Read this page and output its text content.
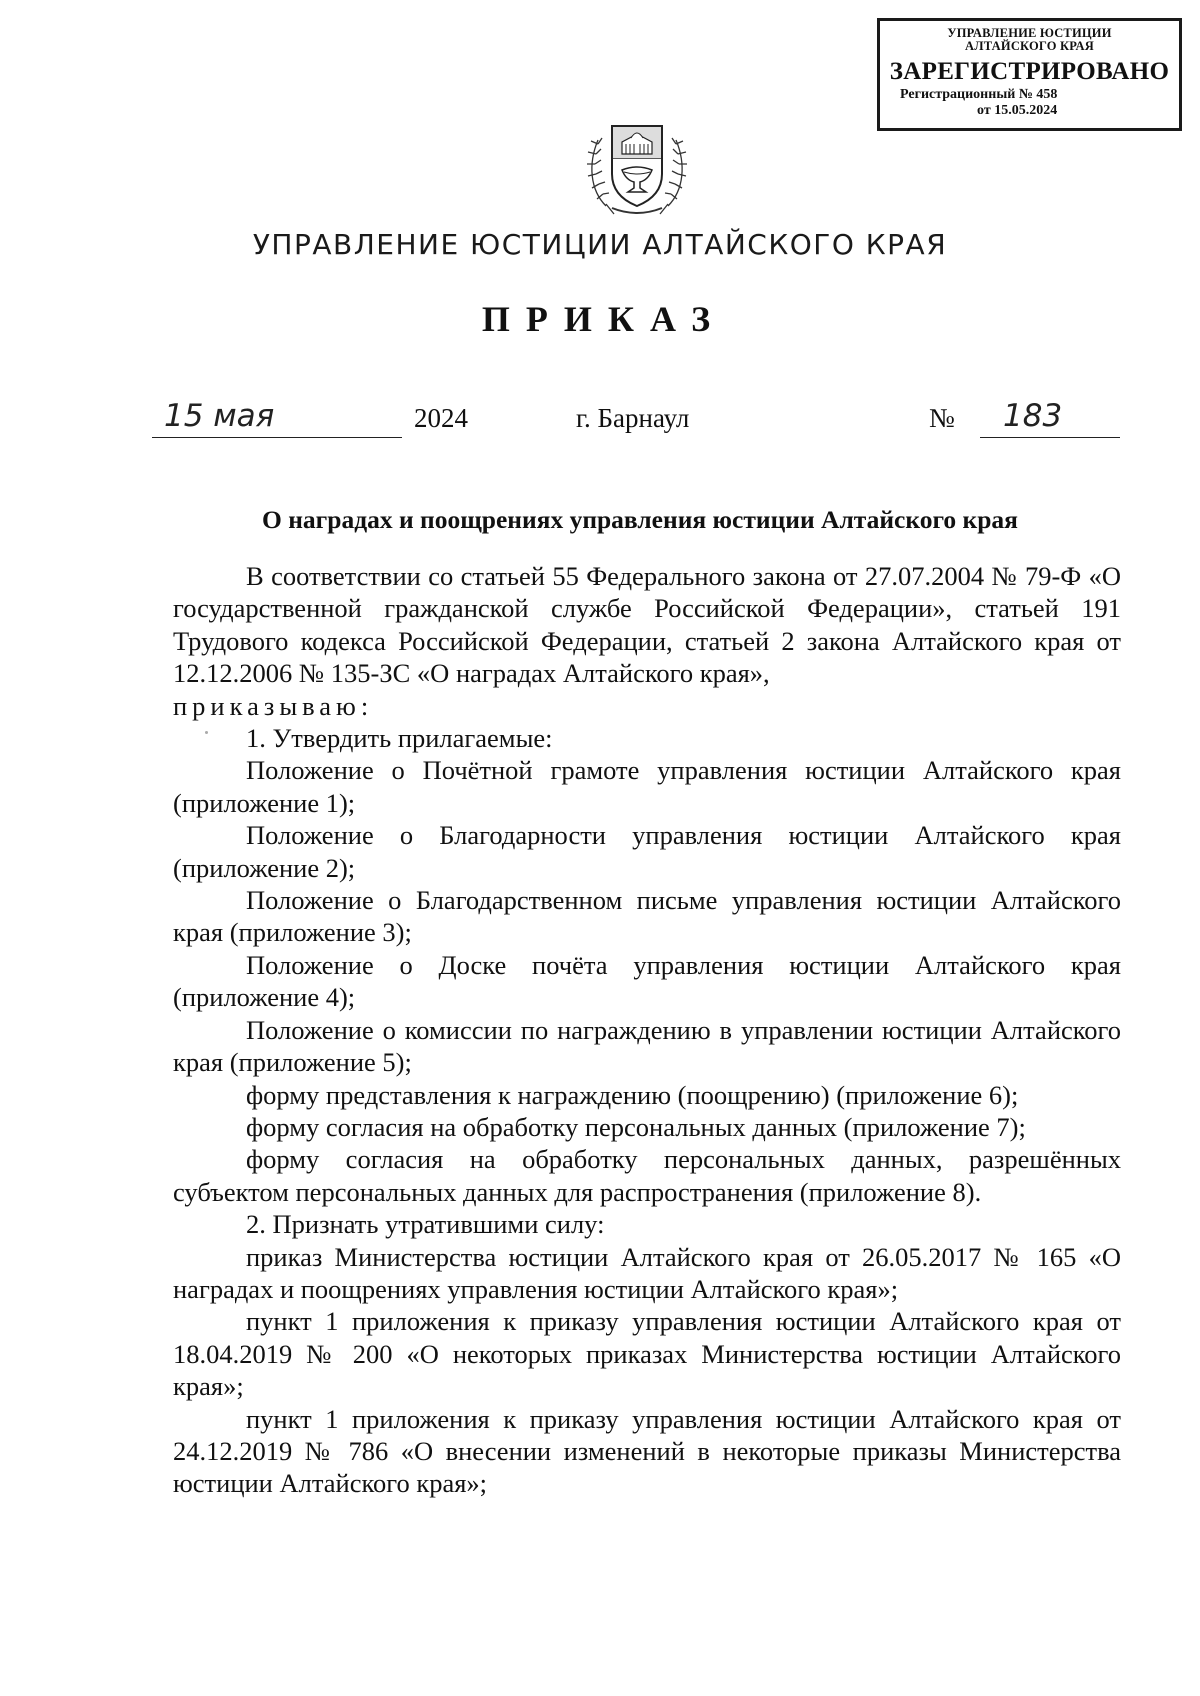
УПРАВЛЕНИЕ ЮСТИЦИИ
АЛТАЙСКОГО КРАЯ
ЗАРЕГИСТРИРОВАНО
Регистрационный № 458
от 15.05.2024
УПРАВЛЕНИЕ ЮСТИЦИИ АЛТАЙСКОГО КРАЯ
ПРИКАЗ
15 мая	2024	г. Барнаул	№ 183
О наградах и поощрениях управления юстиции Алтайского края

В соответствии со статьей 55 Федерального закона от 27.07.2004 № 79-Ф «О государственной гражданской службе Российской Федерации», статьей 191 Трудового кодекса Российской Федерации, статьей 2 закона Алтайского края от 12.12.2006 № 135-ЗС «О наградах Алтайского края»,

приказываю:

1. Утвердить прилагаемые:

Положение о Почётной грамоте управления юстиции Алтайского края (приложение 1);

Положение о Благодарности управления юстиции Алтайского края (приложение 2);

Положение о Благодарственном письме управления юстиции Алтайского края (приложение 3);

Положение о Доске почёта управления юстиции Алтайского края (приложение 4);

Положение о комиссии по награждению в управлении юстиции Алтайского края (приложение 5);

форму представления к награждению (поощрению) (приложение 6);

форму согласия на обработку персональных данных (приложение 7);

форму согласия на обработку персональных данных, разрешённых субъектом персональных данных для распространения (приложение 8).

2. Признать утратившими силу:

приказ Министерства юстиции Алтайского края от 26.05.2017 № 165 «О наградах и поощрениях управления юстиции Алтайского края»;

пункт 1 приложения к приказу управления юстиции Алтайского края от 18.04.2019 № 200 «О некоторых приказах Министерства юстиции Алтайского края»;

пункт 1 приложения к приказу управления юстиции Алтайского края от 24.12.2019 № 786 «О внесении изменений в некоторые приказы Министерства юстиции Алтайского края»;
